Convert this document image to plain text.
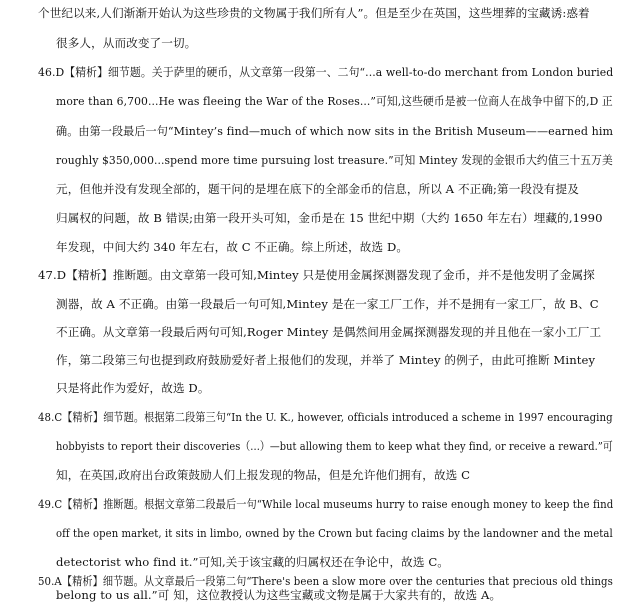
个世纪以来,人们渐渐开始认为这些珍贵的文物属于我们所有人”。但是至少在英国，这些埋葬的宝藏诱:惑着
很多人，从而改变了一切。
46.D【精析】细节题。关于萨里的硬币，从文章第一段第一、二句“...a well-to-do merchant from London buried
more than 6,700...He was fleeing the War of the Roses...”可知,这些硬币是被一位商人在战争中留下的,D 正
确。由第一段最后一句“Mintey’s find—much of which now sits in the British Museum——earned him
roughly $350,000...spend more time pursuing lost treasure.”可知 Mintey 发现的金银币大约值三十五万美
元，但他并没有发现全部的，题干问的是埋在底下的全部金币的信息，所以 A 不正确;第一段没有提及
归属权的问题，故 B 错误;由第一段开头可知，金币是在 15 世纪中期（大约 1650 年左右）埋藏的,1990
年发现，中间大约 340 年左右，故 C 不正确。综上所述，故选 D。
47.D【精析】推断题。由文章第一段可知,Mintey 只是使用金属探测器发现了金币，并不是他发明了金属探
测器，故 A 不正确。由第一段最后一句可知,Mintey 是在一家工厂工作，并不是拥有一家工厂，故 B、C
不正确。从文章第一段最后两句可知,Roger Mintey 是偶然间用金属探测器发现的并且他在一家小工厂工
作，第二段第三句也提到政府鼓励爱好者上报他们的发现，并举了 Mintey 的例子，由此可推断 Mintey
只是将此作为爱好，故选 D。
48.C【精析】细节题。根据第二段第三句“In the U. K., however, officials introduced a scheme in 1997 encouraging
hobbyists to report their discoveries（...）—but allowing them to keep what they find, or receive a reward.”可
知，在英国,政府出台政策鼓励人们上报发现的物品，但是允许他们拥有，故选 C
49.C【精析】推断题。根据文章第二段最后一句“While local museums hurry to raise enough money to keep the find
off the open market, it sits in limbo, owned by the Crown but facing claims by the landowner and the metal
detectorist who find it.”可知,关于该宝藏的归属权还在争论中，故选 C。
50.A【精析】细节题。从文章最后一段第二句“There's been a slow more over the centuries that precious old things
belong to us all.”可 知，这位教授认为这些宝藏或文物是属于大家共有的，故选 A。
